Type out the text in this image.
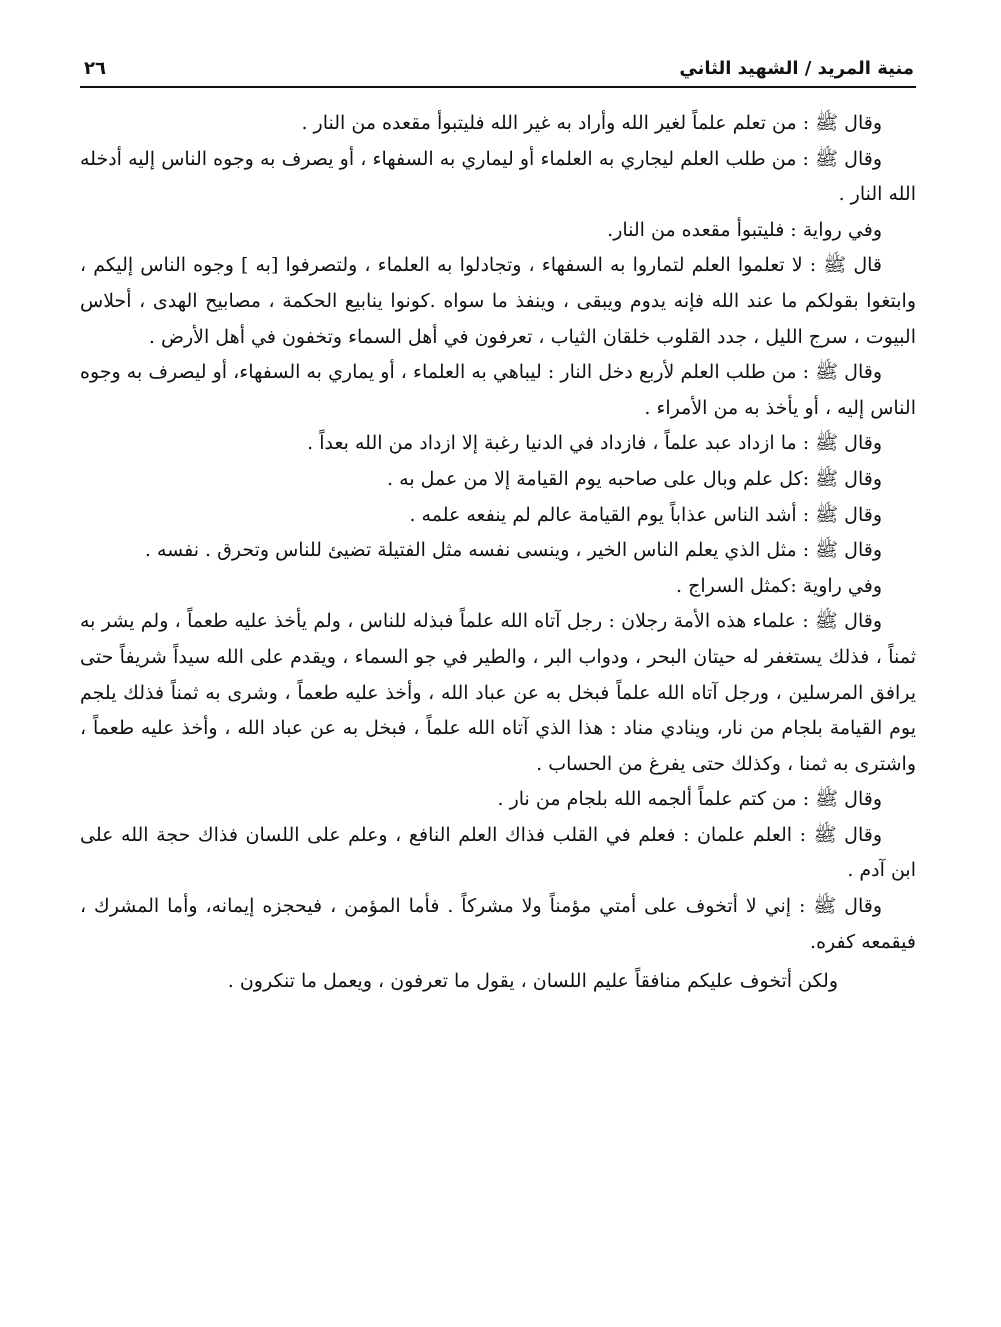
٢٦	منية المريد / الشهيد الثاني

وقال ﷺ : من تعلم علماً لغير الله وأراد به غير الله فليتبوأ مقعده من النار .

وقال ﷺ : من طلب العلم ليجاري به العلماء أو ليماري به السفهاء ، أو يصرف به وجوه الناس إليه أدخله الله النار .

وفي رواية : فليتبوأ مقعده من النار.

قال ﷺ : لا تعلموا العلم لتماروا به السفهاء ، وتجادلوا به العلماء ، ولتصرفوا [به ] وجوه الناس إليكم ، وابتغوا بقولكم ما عند الله فإنه يدوم ويبقى ، وينفذ ما سواه .كونوا ينابيع الحكمة ، مصابيح الهدى ، أحلاس البيوت ، سرج الليل ، جدد القلوب خلقان الثياب ، تعرفون في أهل السماء وتخفون في أهل الأرض .

وقال ﷺ : من طلب العلم لأربع دخل النار : ليباهي به العلماء ، أو يماري به السفهاء، أو ليصرف به وجوه الناس إليه ، أو يأخذ به من الأمراء .

وقال ﷺ : ما ازداد عبد علماً ، فازداد في الدنيا رغبة إلا ازداد من الله بعداً .

وقال ﷺ :كل علم وبال على صاحبه يوم القيامة إلا من عمل به .

وقال ﷺ : أشد الناس عذاباً يوم القيامة عالم لم ينفعه علمه .

وقال ﷺ : مثل الذي يعلم الناس الخير ، وينسى نفسه مثل الفتيلة تضيئ للناس وتحرق . نفسه .

وفي راوية :كمثل السراج .

وقال ﷺ : علماء هذه الأمة رجلان : رجل آتاه الله علماً فبذله للناس ، ولم يأخذ عليه طعماً ، ولم يشر به ثمناً ، فذلك يستغفر له حيتان البحر ، ودواب البر ، والطير في جو السماء ، ويقدم على الله سيداً شريفاً حتى يرافق المرسلين ، ورجل آتاه الله علماً فبخل به عن عباد الله ، وأخذ عليه طعماً ، وشرى به ثمناً فذلك يلجم يوم القيامة بلجام من نار، وينادي مناد : هذا الذي آتاه الله علماً ، فبخل به عن عباد الله ، وأخذ عليه طعماً ، واشترى به ثمنا ، وكذلك حتى يفرغ من الحساب .

وقال ﷺ : من كتم علماً ألجمه الله بلجام من نار .

وقال ﷺ : العلم علمان : فعلم في القلب فذاك العلم النافع ، وعلم على اللسان فذاك حجة الله على ابن آدم .

وقال ﷺ : إني لا أتخوف على أمتي مؤمناً ولا مشركاً . فأما المؤمن ، فيحجزه إيمانه، وأما المشرك ، فيقمعه كفره.

ولكن أتخوف عليكم منافقاً عليم اللسان ، يقول ما تعرفون ، ويعمل ما تنكرون .
